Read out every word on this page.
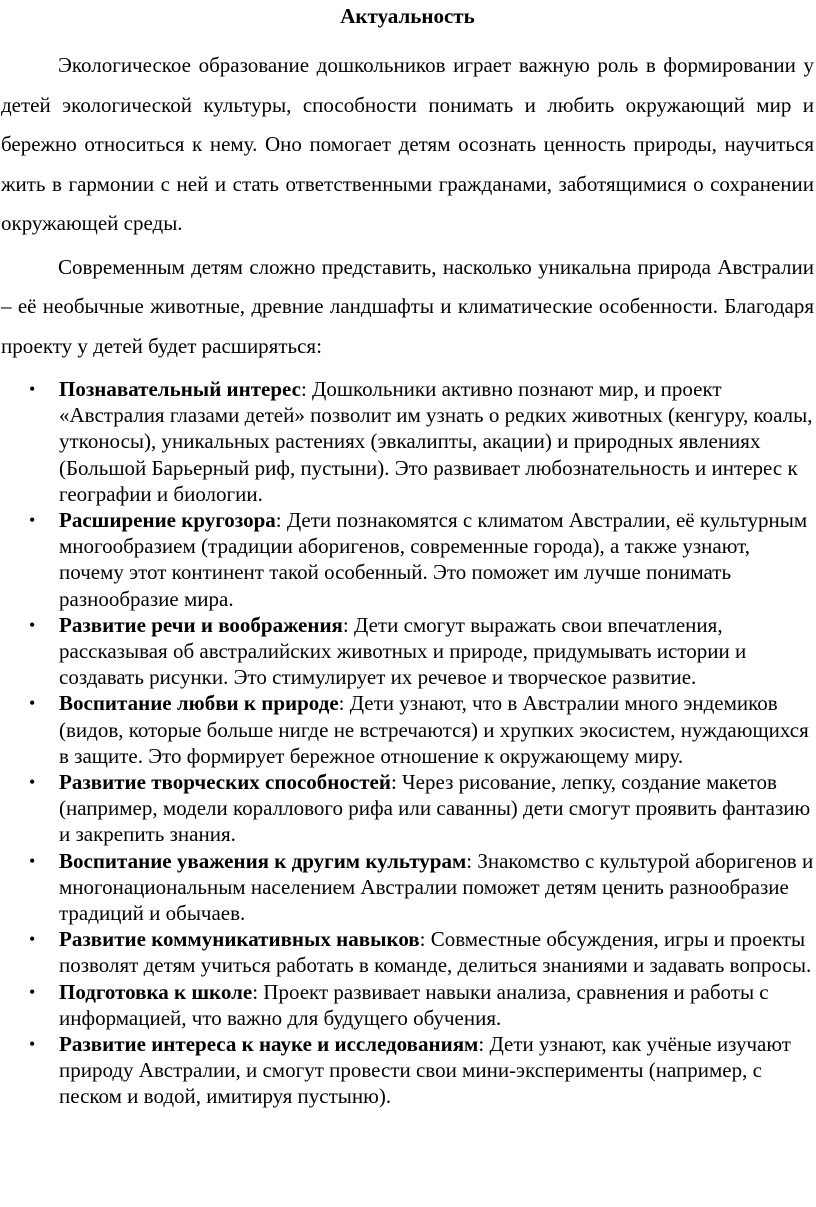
Актуальность

Экологическое образование дошкольников играет важную роль в формировании у детей экологической культуры, способности понимать и любить окружающий мир и бережно относиться к нему. Оно помогает детям осознать ценность природы, научиться жить в гармонии с ней и стать ответственными гражданами, заботящимися о сохранении окружающей среды.

Современным детям сложно представить, насколько уникальна природа Австралии – её необычные животные, древние ландшафты и климатические особенности. Благодаря проекту у детей будет расширяться:

• Познавательный интерес: Дошкольники активно познают мир, и проект «Австралия глазами детей» позволит им узнать о редких животных (кенгуру, коалы, утконосы), уникальных растениях (эвкалипты, акации) и природных явлениях (Большой Барьерный риф, пустыни). Это развивает любознательность и интерес к географии и биологии.
• Расширение кругозора: Дети познакомятся с климатом Австралии, её культурным многообразием (традиции аборигенов, современные города), а также узнают, почему этот континент такой особенный. Это поможет им лучше понимать разнообразие мира.
• Развитие речи и воображения: Дети смогут выражать свои впечатления, рассказывая об австралийских животных и природе, придумывать истории и создавать рисунки. Это стимулирует их речевое и творческое развитие.
• Воспитание любви к природе: Дети узнают, что в Австралии много эндемиков (видов, которые больше нигде не встречаются) и хрупких экосистем, нуждающихся в защите. Это формирует бережное отношение к окружающему миру.
• Развитие творческих способностей: Через рисование, лепку, создание макетов (например, модели кораллового рифа или саванны) дети смогут проявить фантазию и закрепить знания.
• Воспитание уважения к другим культурам: Знакомство с культурой аборигенов и многонациональным населением Австралии поможет детям ценить разнообразие традиций и обычаев.
• Развитие коммуникативных навыков: Совместные обсуждения, игры и проекты позволят детям учиться работать в команде, делиться знаниями и задавать вопросы.
• Подготовка к школе: Проект развивает навыки анализа, сравнения и работы с информацией, что важно для будущего обучения.
• Развитие интереса к науке и исследованиям: Дети узнают, как учёные изучают природу Австралии, и смогут провести свои мини-эксперименты (например, с песком и водой, имитируя пустыню).
